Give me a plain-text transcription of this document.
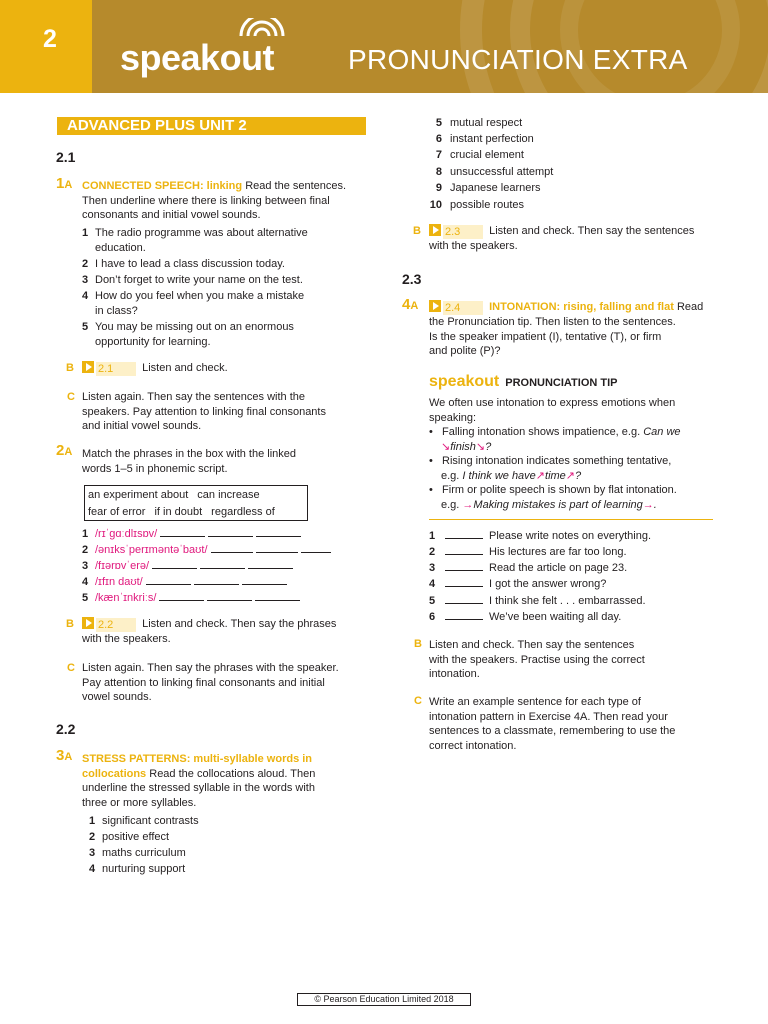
2	speakout	PRONUNCIATION EXTRA
ADVANCED PLUS UNIT 2
2.1
1A CONNECTED SPEECH: linking Read the sentences.
Then underline where there is linking between final
consonants and initial vowel sounds.
1 The radio programme was about alternative
education.
2 I have to lead a class discussion today.
3 Don’t forget to write your name on the test.
4 How do you feel when you make a mistake
in class?
5 You may be missing out on an enormous
opportunity for learning.
B	2.1	Listen and check.
C Listen again. Then say the sentences with the
speakers. Pay attention to linking final consonants
and initial vowel sounds.
2A Match the phrases in the box with the linked
words 1–5 in phonemic script.
an experiment about can increase
fear of error if in doubt regardless of
1 /rɪˈɡɑːdlɪsɒv/
2 /ənɪksˈperɪməntəˈbaʊt/
3 /fɪərɒvˈerə/
4 /ɪfɪn daʊt/
5 /kænˈɪnkriːs/
B	2.2	Listen and check. Then say the phrases
with the speakers.
C Listen again. Then say the phrases with the speaker.
Pay attention to linking final consonants and initial
vowel sounds.
2.2
3A STRESS PATTERNS: multi-syllable words in
collocations Read the collocations aloud. Then
underline the stressed syllable in the words with
three or more syllables.
1 significant contrasts
2 positive effect
3 maths curriculum
4 nurturing support
5 mutual respect
6 instant perfection
7 crucial element
8 unsuccessful attempt
9 Japanese learners
10 possible routes
B	2.3	Listen and check. Then say the sentences
with the speakers.
2.3
4A	2.4	INTONATION: rising, falling and flat Read
the Pronunciation tip. Then listen to the sentences.
Is the speaker impatient (I), tentative (T), or firm
and polite (P)?
speakout PRONUNCIATION TIP
We often use intonation to express emotions when
speaking:
•   Falling intonation shows impatience, e.g. Can we
↘finish↘?
•   Rising intonation indicates something tentative,
e.g. I think we have↗time↗?
•   Firm or polite speech is shown by flat intonation.
e.g. →Making mistakes is part of learning→.
1	Please write notes on everything.
2	His lectures are far too long.
3	Read the article on page 23.
4	I got the answer wrong?
5	I think she felt . . . embarrassed.
6	We’ve been waiting all day.
B Listen and check. Then say the sentences
with the speakers. Practise using the correct
intonation.
C Write an example sentence for each type of
intonation pattern in Exercise 4A. Then read your
sentences to a classmate, remembering to use the
correct intonation.
© Pearson Education Limited 2018
